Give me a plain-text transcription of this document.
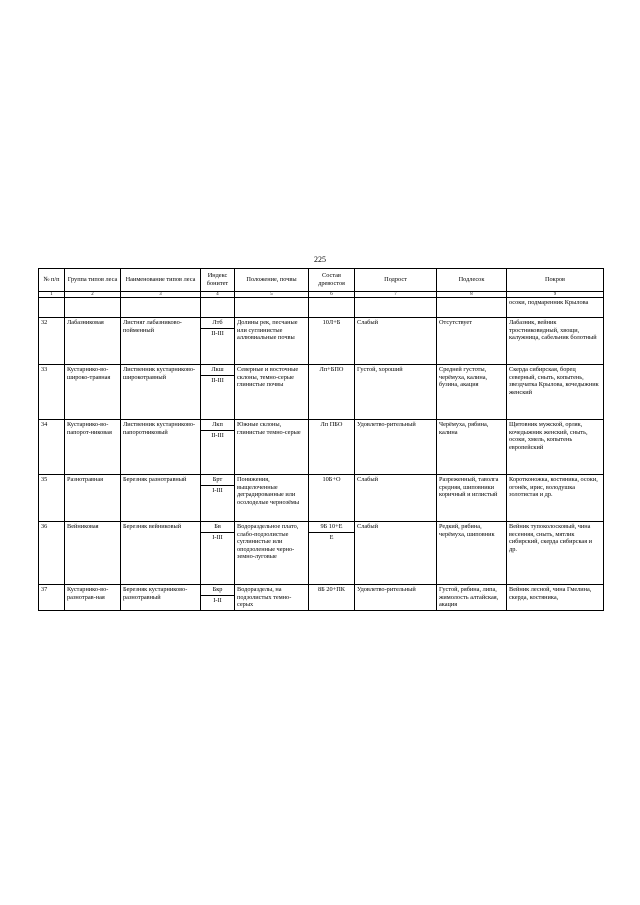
225
№ п/п	Группа типов леса	Наименование типов леса	Индекс бонитет	Положение, почвы	Состав древостоя	Подрост	Подлесок	Покров
1	2	3	4	5	6	7	8	9
								осоки, подмаренник Крылова
32	Лабазниковая	Листняг лабазниково-пойменный	Лтб	Долины рек, песчаные или суглинистые аллювиальные почвы	10Л+Б	Слабый	Отсутствует	Лабазник, вейник тростниковидный, хвощи, калужница, сабельник болотный
			II-III					
33	Кустарнико-во-широко-травная	Лиственник кустарниково-широкотравный	Лкш	Северные и восточные склоны, темно-серые глинистые почвы	Лп+БПО	Густой, хороший	Средней густоты, черёмуха, калина, бузина, акация	Скерда сибирская, борец северный, сныть, копытень, звездчатка Крылова, кочедыжник женский
			II-III					
34	Кустарнико-во-папорот-никовая	Лиственник кустарниково-папоротниковый	Лкп	Южные склоны, глинистые темно-серые	Лп ПБО	Удовлетво-рительный	Черёмуха, рябина, калина	Щитовник мужской, орляк, кочедыжник женский, сныть, осоки, хмель, копытень европейский
			II-III					
35	Разнотравная	Березняк разнотравный	Брт	Понижения, выщелоченные деградированные или осолоделые чернозёмы	10Б+О	Слабый	Разреженный, таволга средняя, шиповники коричный и иглистый	Коротконожка, костяника, осоки, огонёк, ирис, володушка золотистая и др.
			I-III					
36	Вейниковая	Березняк вейниковый	Бв	Водораздельное плато, слабо-подзолистые суглинистые или оподзоленные черно-земно-луговые	9Б 10+Е	Слабый	Редкий, рябина, черёмуха, шиповник	Вейник тупоколосковый, чина весенняя, сныть, мятлик сибирский, скерда сибирская и др.
			I-III		Е			
37	Кустарнико-во-разнотрав-ная	Березняк кустарниково-разнотравный	Бкр	Водоразделы, на подзолистых темно-серых	8Б 20+ПК	Удовлетво-рительный	Густой, рябина, липа, жимолость алтайская, акация	Вейник лесной, чина Гмелина, скерда, костяника,
			I-II					
